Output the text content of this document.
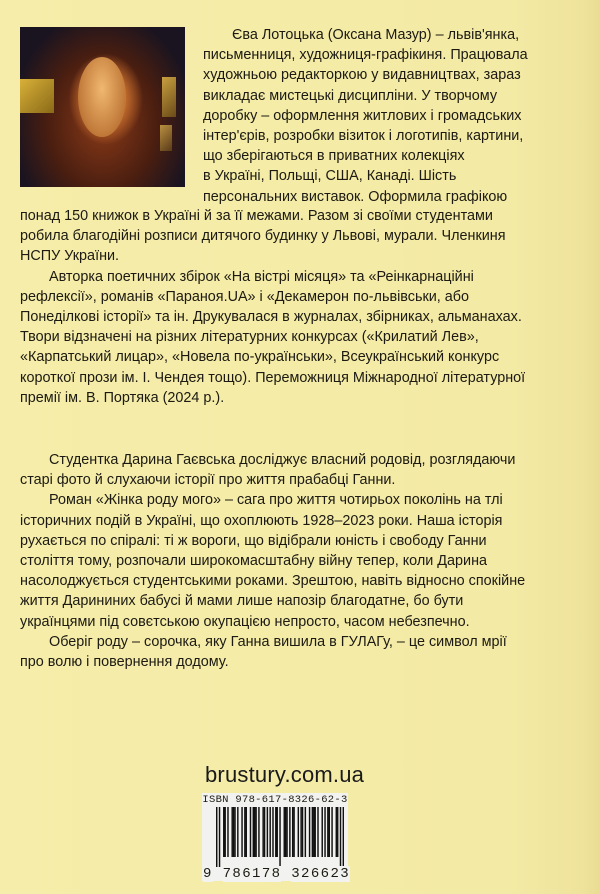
Єва Лотоцька (Оксана Мазур) – львів'янка,
письменниця, художниця-графікиня. Працювала
художньою редакторкою у видавництвах, зараз
викладає мистецькі дисципліни. У творчому
доробку – оформлення житлових і громадських
інтер'єрів, розробки візиток і логотипів, картини,
що зберігаються в приватних колекціях
в Україні, Польщі, США, Канаді. Шість
персональних виставок. Оформила графікою
понад 150 книжок в Україні й за її межами. Разом зі своїми студентами
робила благодійні розписи дитячого будинку у Львові, мурали. Членкиня
НСПУ України.
Авторка поетичних збірок «На вістрі місяця» та «Реінкарнаційні
рефлексії», романів «Параноя.UA» і «Декамерон по-львівськи, або
Понеділкові історії» та ін. Друкувалася в журналах, збірниках, альманахах.
Твори відзначені на різних літературних конкурсах («Крилатий Лев»,
«Карпатський лицар», «Новела по-українськи», Всеукраїнський конкурс
короткої прози ім. І. Чендея тощо). Переможниця Міжнародної літературної
премії ім. В. Портяка (2024 р.).
Студентка Дарина Гаєвська досліджує власний родовід, розглядаючи
старі фото й слухаючи історії про життя прабабці Ганни.
Роман «Жінка роду мого» – сага про життя чотирьох поколінь на тлі
історичних подій в Україні, що охоплюють 1928–2023 роки. Наша історія
рухається по спіралі: ті ж вороги, що відібрали юність і свободу Ганни
століття тому, розпочали широкомасштабну війну тепер, коли Дарина
насолоджується студентськими роками. Зрештою, навіть відносно спокійне
життя Дарининих бабусі й мами лише напозір благодатне, бо бути
українцями під совєтською окупацією непросто, часом небезпечно.
Оберіг роду – сорочка, яку Ганна вишила в ГУЛАГу, – це символ мрії
про волю і повернення додому.
brustury.com.ua
ISBN 978-617-8326-62-3
9 786178 326623
